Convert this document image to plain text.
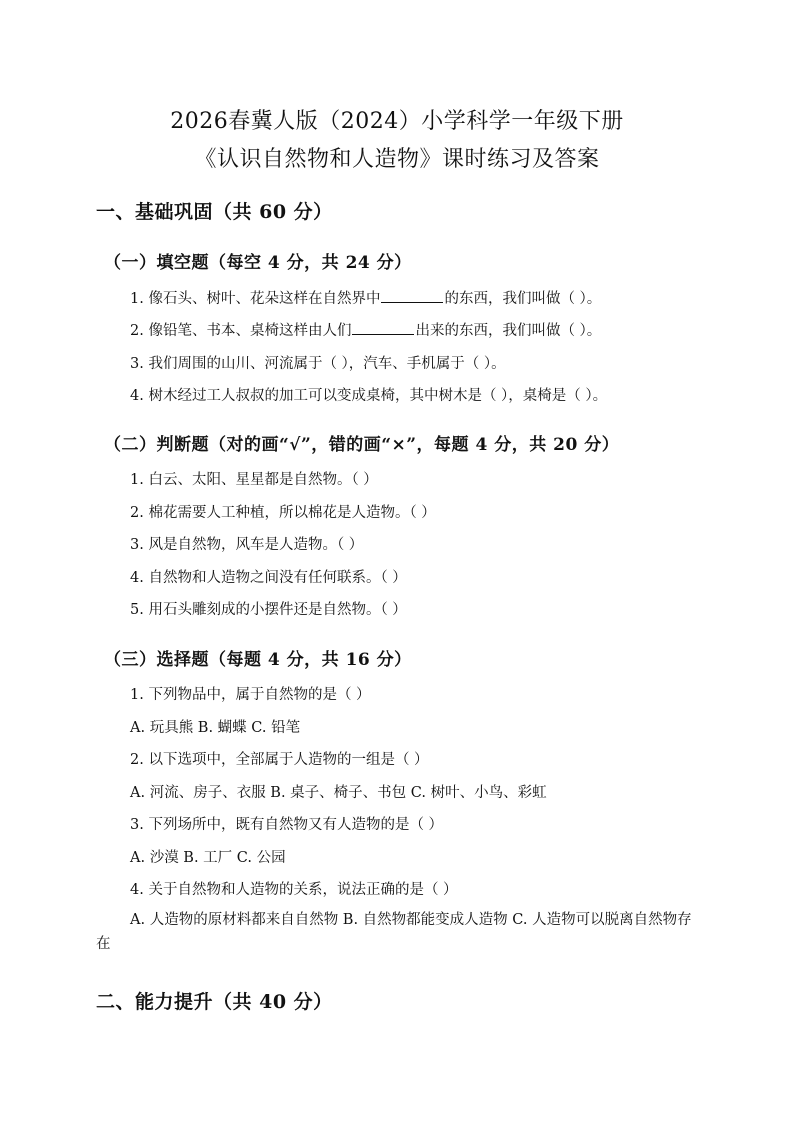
2026春冀人版（2024）小学科学一年级下册
《认识自然物和人造物》课时练习及答案
一、基础巩固（共 60 分）
（一）填空题（每空 4 分，共 24 分）
1. 像石头、树叶、花朵这样在自然界中	的东西，我们叫做（ ）。
2. 像铅笔、书本、桌椅这样由人们	出来的东西，我们叫做（ ）。
3. 我们周围的山川、河流属于（ ），汽车、手机属于（ ）。
4. 树木经过工人叔叔的加工可以变成桌椅，其中树木是（ ），桌椅是（ ）。
（二）判断题（对的画“√”，错的画“×”，每题 4 分，共 20 分）
1. 白云、太阳、星星都是自然物。（ ）
2. 棉花需要人工种植，所以棉花是人造物。（ ）
3. 风是自然物，风车是人造物。（ ）
4. 自然物和人造物之间没有任何联系。（ ）
5. 用石头雕刻成的小摆件还是自然物。（ ）
（三）选择题（每题 4 分，共 16 分）
1. 下列物品中，属于自然物的是（ ）
A. 玩具熊 B. 蝴蝶 C. 铅笔
2. 以下选项中，全部属于人造物的一组是（ ）
A. 河流、房子、衣服 B. 桌子、椅子、书包 C. 树叶、小鸟、彩虹
3. 下列场所中，既有自然物又有人造物的是（ ）
A. 沙漠 B. 工厂 C. 公园
4. 关于自然物和人造物的关系，说法正确的是（ ）
A. 人造物的原材料都来自自然物 B. 自然物都能变成人造物 C. 人造物可以脱离自然物存在
二、能力提升（共 40 分）
